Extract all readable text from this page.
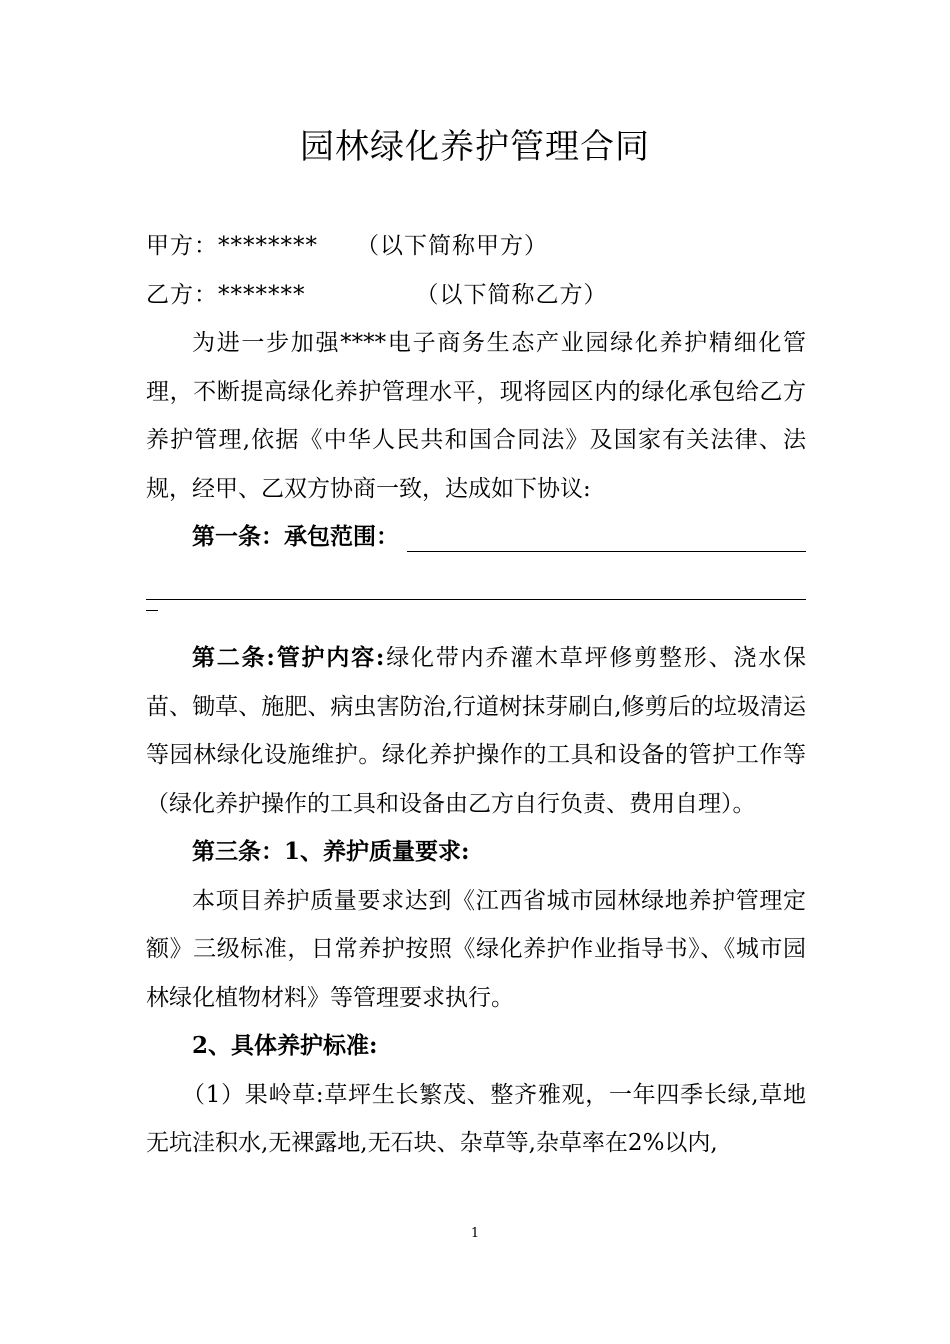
园林绿化养护管理合同

甲方：******** （以下简称甲方）

乙方：*******	（以下简称乙方）

为进一步加强****电子商务生态产业园绿化养护精细化管理，不断提高绿化养护管理水平，现将园区内的绿化承包给乙方养护管理,依据《中华人民共和国合同法》及国家有关法律、法规，经甲、乙双方协商一致，达成如下协议:

第一条：承包范围：

第二条:管护内容:绿化带内乔灌木草坪修剪整形、浇水保苗、锄草、施肥、病虫害防治,行道树抹芽刷白,修剪后的垃圾清运等园林绿化设施维护。绿化养护操作的工具和设备的管护工作等（绿化养护操作的工具和设备由乙方自行负责、费用自理）。

第三条：1、养护质量要求:

本项目养护质量要求达到《江西省城市园林绿地养护管理定额》三级标准，日常养护按照《绿化养护作业指导书》、《城市园林绿化植物材料》等管理要求执行。

2、具体养护标准:

（1）果岭草:草坪生长繁茂、整齐雅观，一年四季长绿,草地无坑洼积水,无裸露地,无石块、杂草等,杂草率在2%以内,

1
